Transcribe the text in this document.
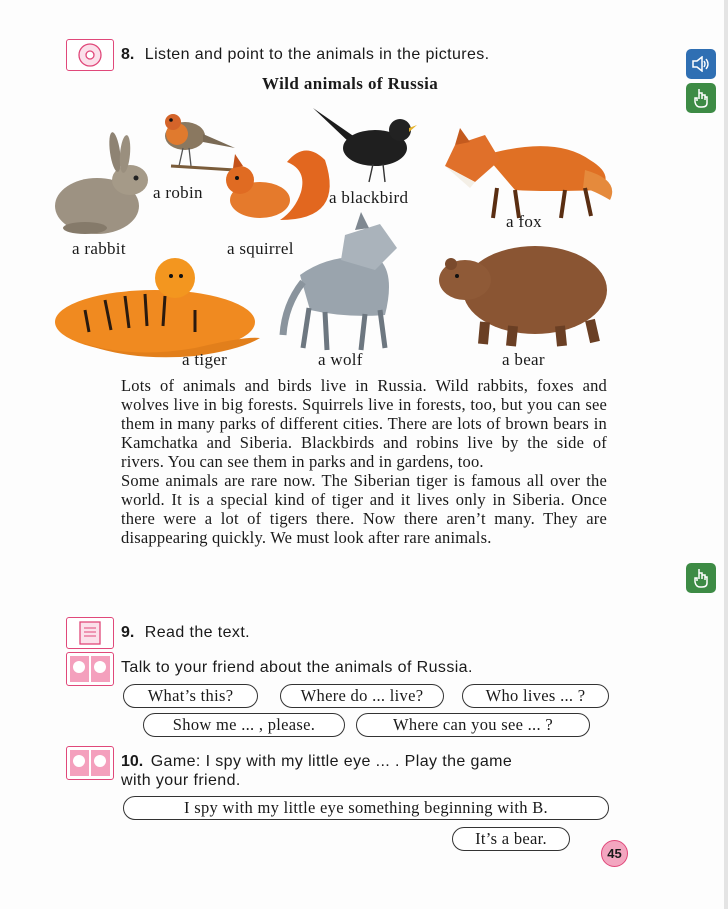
8. Listen and point to the animals in the pictures.
Wild animals of Russia
a robin	a blackbird
a fox
a rabbit	a squirrel
a tiger	a wolf	a bear

Lots of animals and birds live in Russia. Wild rabbits, foxes and wolves live in big forests. Squirrels live in forests, too, but you can see them in many parks of different cities. There are lots of brown bears in Kamchatka and Siberia. Blackbirds and robins live by the side of rivers. You can see them in parks and in gardens, too.

Some animals are rare now. The Siberian tiger is famous all over the world. It is a special kind of tiger and it lives only in Siberia. Once there were a lot of tigers there. Now there aren’t many. They are disappearing quickly. We must look after rare animals.

9. Read the text.
Talk to your friend about the animals of Russia.
What’s this?	Where do ... live?	Who lives ... ?
Show me ... , please.	Where can you see ... ?
10. Game: I spy with my little eye ... . Play the game
with your friend.
I spy with my little eye something beginning with B.
It’s a bear.
45
